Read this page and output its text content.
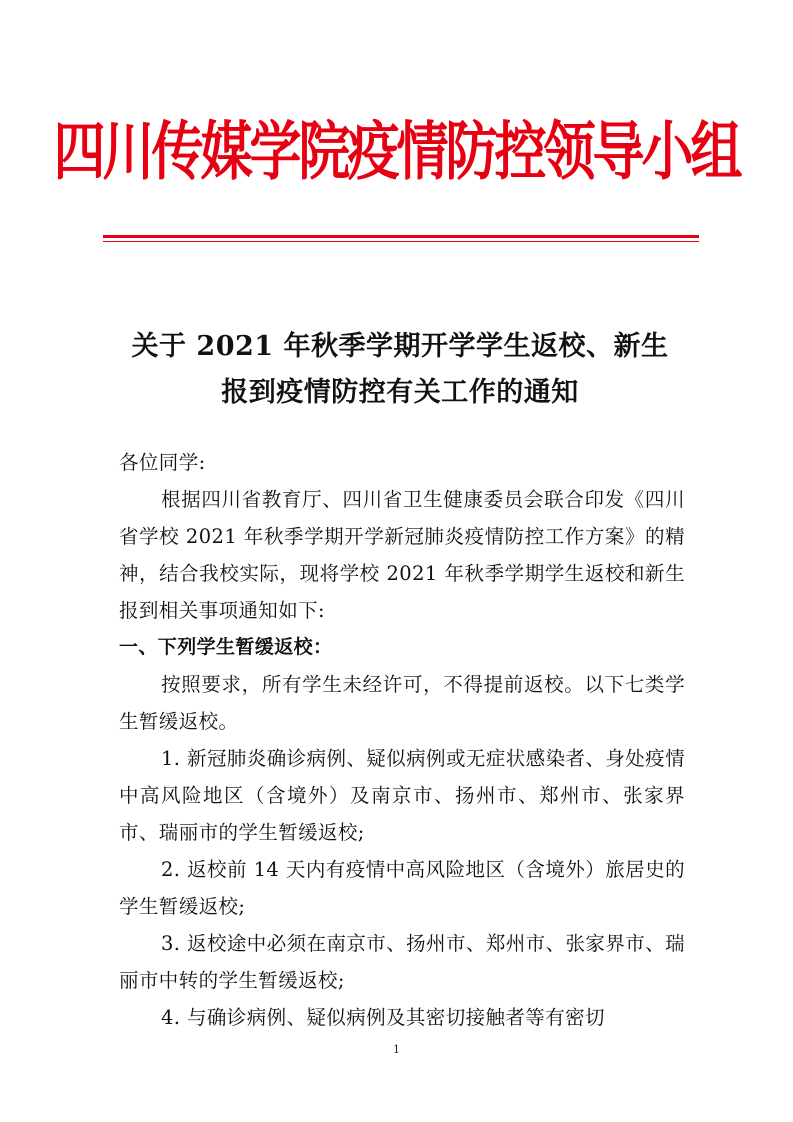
四川传媒学院疫情防控领导小组
关于 2021 年秋季学期开学学生返校、新生
报到疫情防控有关工作的通知

各位同学:

根据四川省教育厅、四川省卫生健康委员会联合印发《四川省学校 2021 年秋季学期开学新冠肺炎疫情防控工作方案》的精神，结合我校实际，现将学校 2021 年秋季学期学生返校和新生报到相关事项通知如下:

一、下列学生暂缓返校：

按照要求，所有学生未经许可，不得提前返校。以下七类学生暂缓返校。

1. 新冠肺炎确诊病例、疑似病例或无症状感染者、身处疫情中高风险地区（含境外）及南京市、扬州市、郑州市、张家界市、瑞丽市的学生暂缓返校;

2. 返校前 14 天内有疫情中高风险地区（含境外）旅居史的学生暂缓返校;

3. 返校途中必须在南京市、扬州市、郑州市、张家界市、瑞丽市中转的学生暂缓返校;

4. 与确诊病例、疑似病例及其密切接触者等有密切

1
